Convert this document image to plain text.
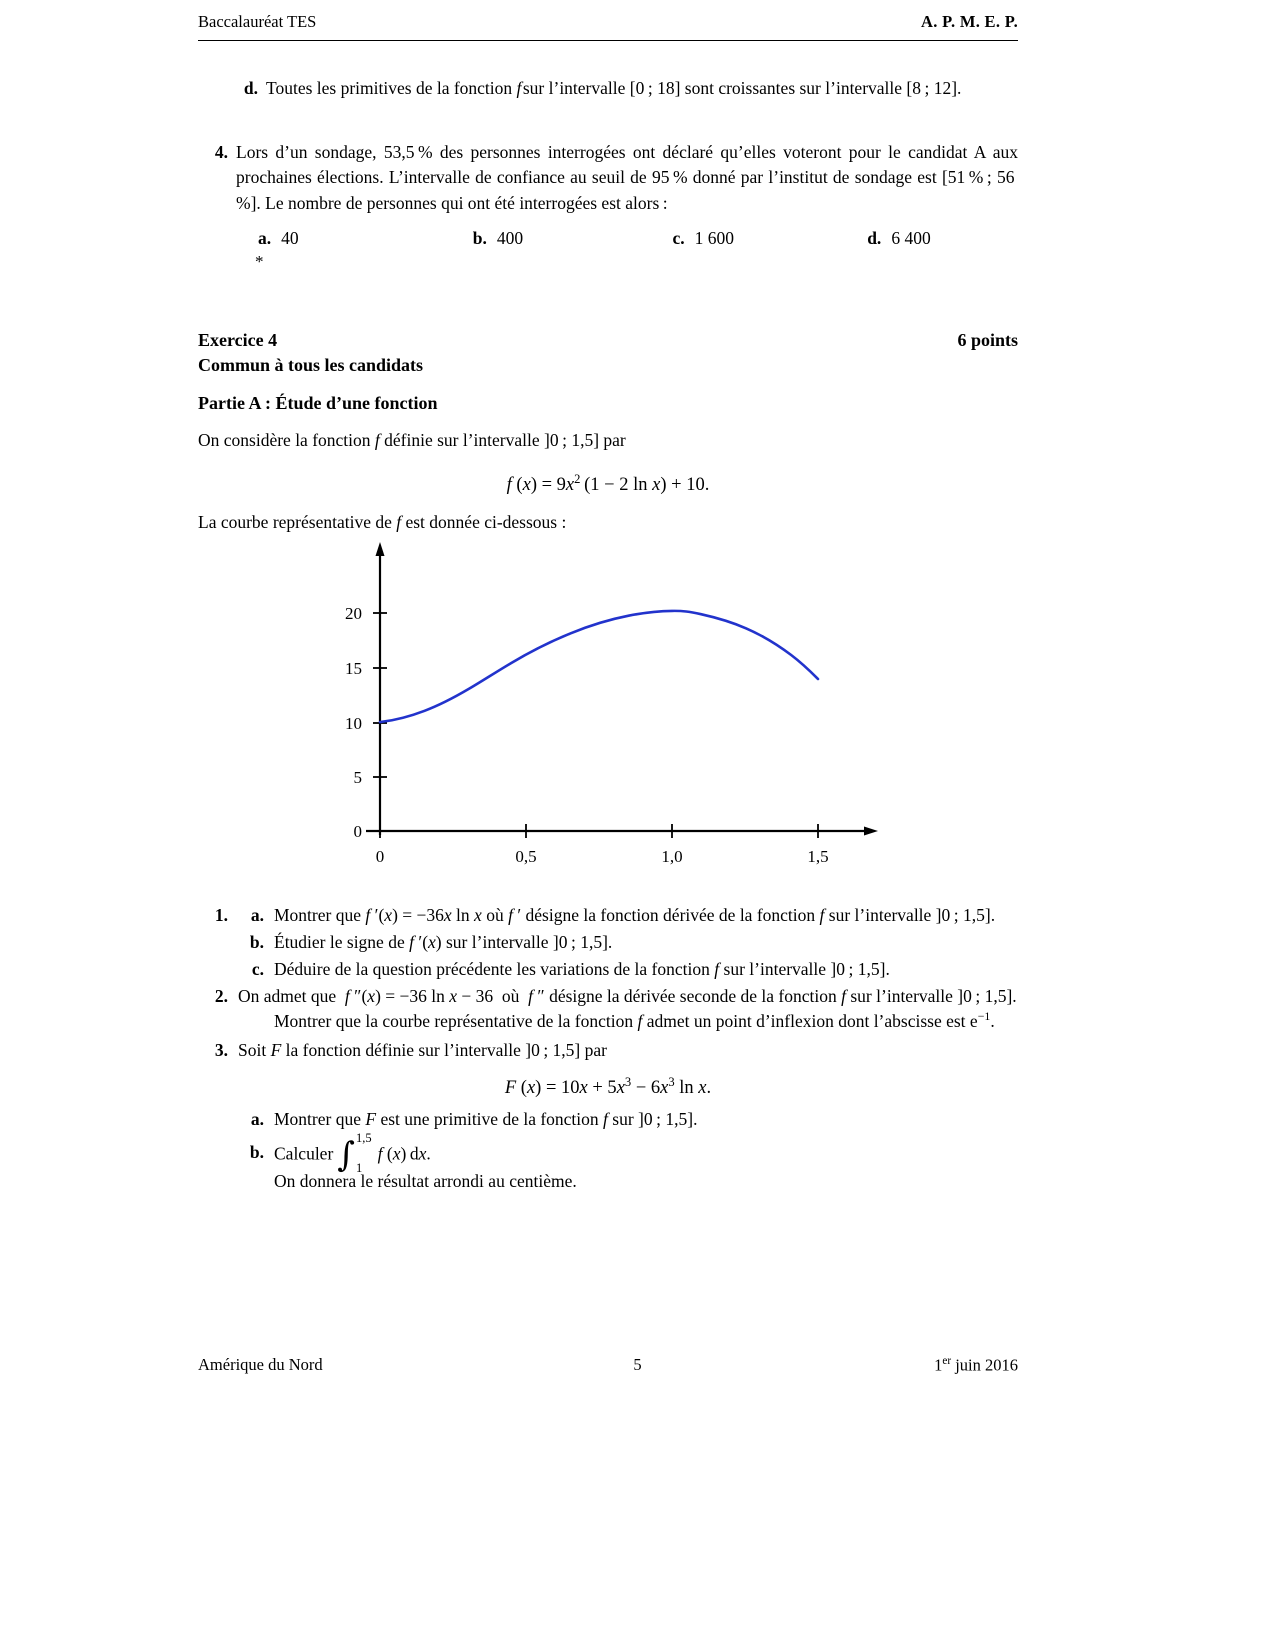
Baccalauréat TES	A. P. M. E. P.
d. Toutes les primitives de la fonction f sur l’intervalle [0 ; 18] sont croissantes sur l’intervalle [8 ; 12].
4. Lors d’un sondage, 53,5 % des personnes interrogées ont déclaré qu’elles voteront pour le candidat A aux prochaines élections. L’intervalle de confiance au seuil de 95 % donné par l’institut de sondage est [51 % ; 56 %]. Le nombre de personnes qui ont été interrogées est alors :
a. 40	b. 400	c. 1 600	d. 6 400
*
Exercice 4	6 points
Commun à tous les candidats
Partie A : Étude d’une fonction
On considère la fonction f définie sur l’intervalle ]0 ; 1,5] par
f $(x) = 9x^2$ (1 − 2 ln x) + 10.
La courbe représentative de f est donnée ci-dessous :
20
15
10
5
0
0	0,5	1,0	1,5
1.	a. Montrer que f ′(x) = −36x ln x où f ′ désigne la fonction dérivée de la fonction f sur l’intervalle ]0 ; 1,5].
b. Étudier le signe de f ′(x) sur l’intervalle ]0 ; 1,5].
c. Déduire de la question précédente les variations de la fonction f sur l’intervalle ]0 ; 1,5].
2. On admet que  f ″(x) = −36 ln x − 36  où  f ″ désigne la dérivée seconde de la fonction f sur l’intervalle ]0 ; 1,5].
Montrer que la courbe représentative de la fonction f admet un point d’inflexion dont l’abscisse est $e^{-1}$.
3. Soit F la fonction définie sur l’intervalle ]0 ; 1,5] par
F $(x) = 10x + 5x^3 - 6x^3$ ln x.
a. Montrer que F est une primitive de la fonction f sur ]0 ; 1,5].
b. Calculer ∫ 1,5
1
f (x) dx.
On donnera le résultat arrondi au centième.
Amérique du Nord	1er juin 2016
5
